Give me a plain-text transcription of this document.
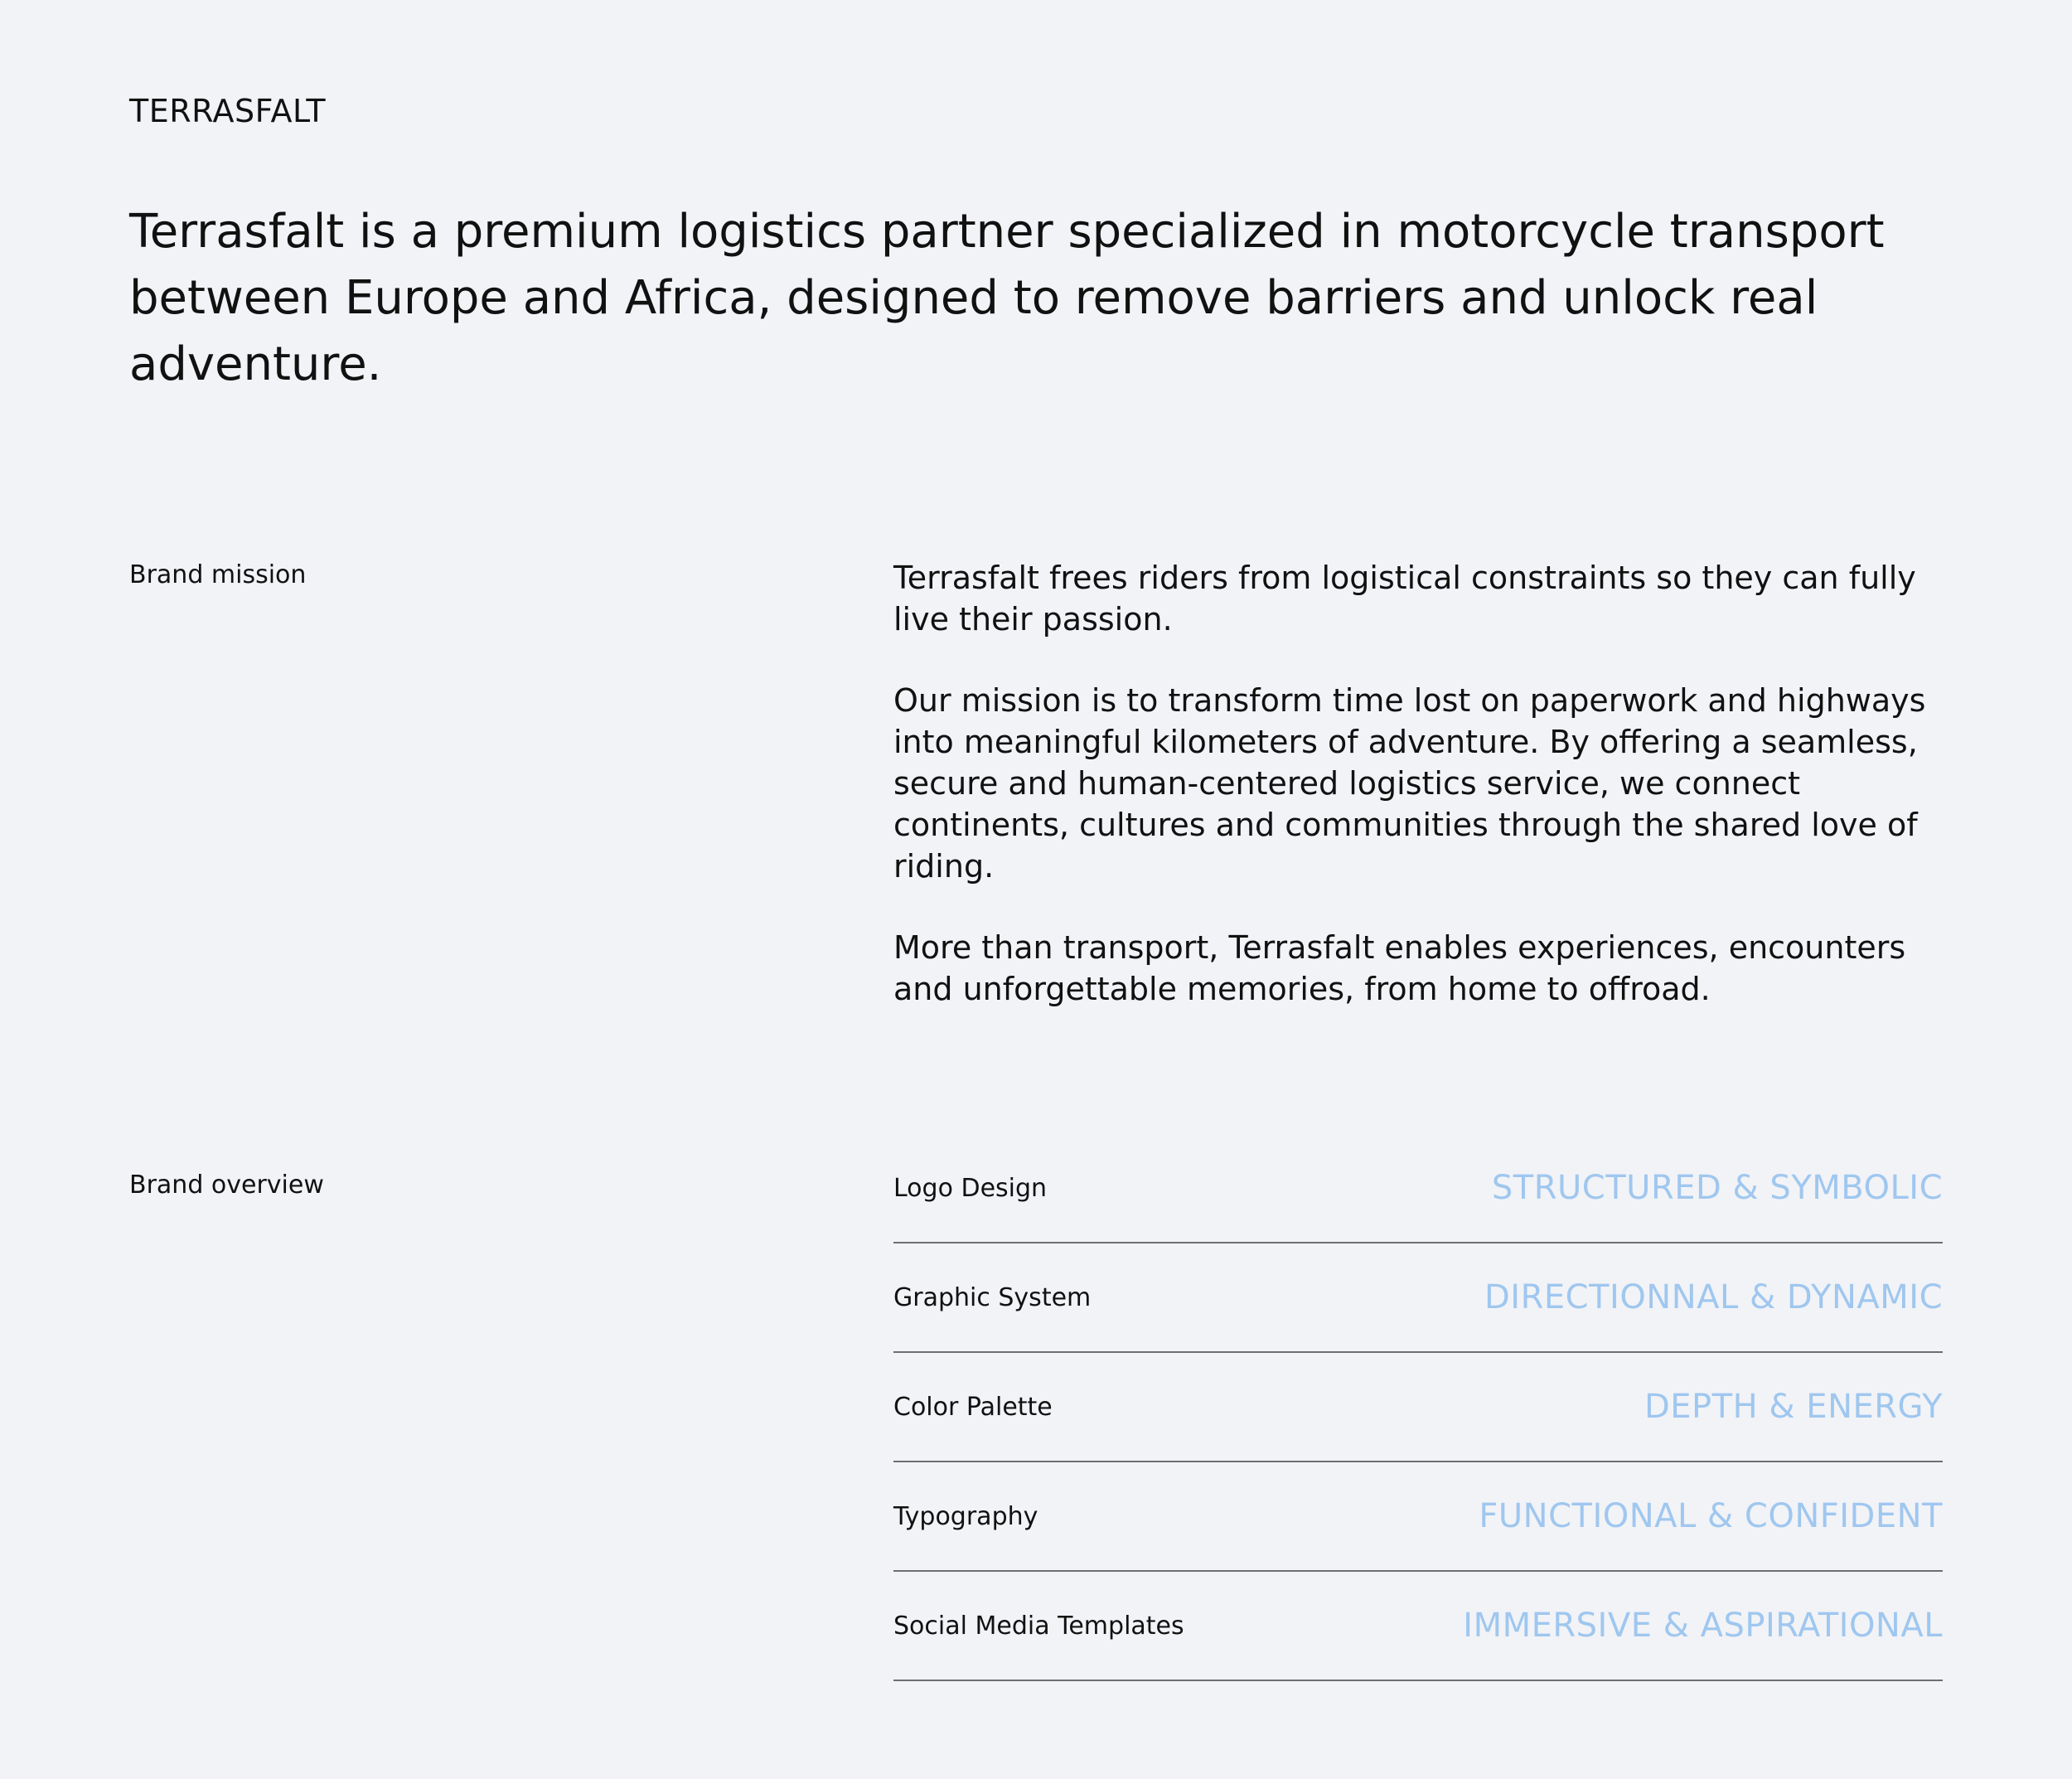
TERRASFALT
Terrasfalt is a premium logistics partner specialized in motorcycle transport between Europe and Africa, designed to remove barriers and unlock real adventure.
Brand mission	Terrasfalt frees riders from logistical constraints so they can fully live their passion.

Our mission is to transform time lost on paperwork and highways into meaningful kilometers of adventure. By offering a seamless, secure and human-centered logistics service, we connect continents, cultures and communities through the shared love of riding.

More than transport, Terrasfalt enables experiences, encounters and unforgettable memories, from home to offroad.

Brand overview	Logo Design	STRUCTURED & SYMBOLIC
Graphic System	DIRECTIONNAL & DYNAMIC
Color Palette	DEPTH & ENERGY
Typography	FUNCTIONAL & CONFIDENT
Social Media Templates	IMMERSIVE & ASPIRATIONAL
